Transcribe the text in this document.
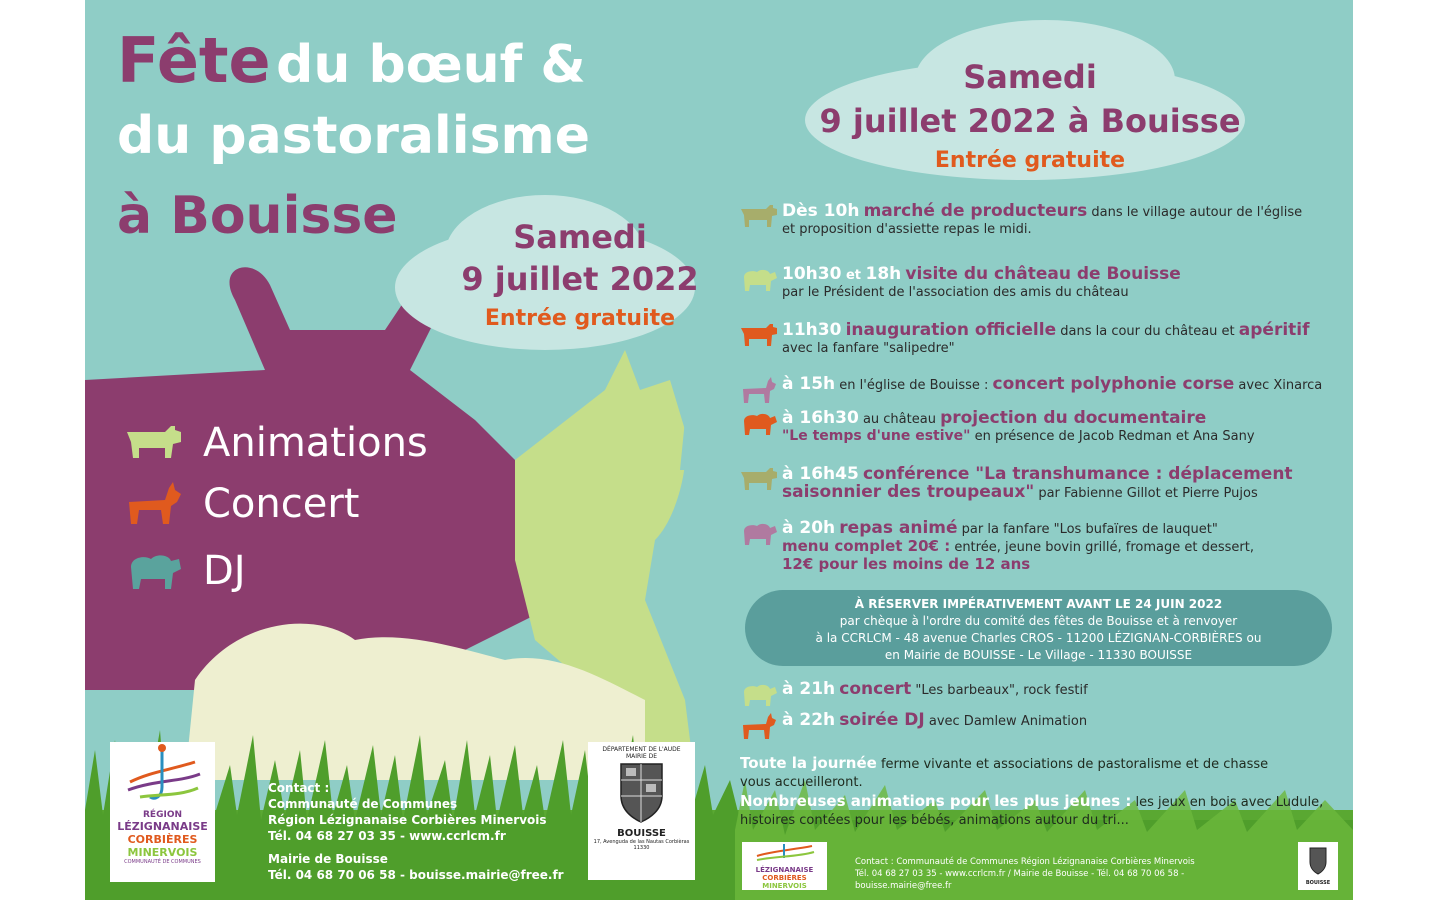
Fête du bœuf &
du pastoralisme
à Bouisse	Samedi
9 juillet 2022
Entrée gratuite
Samedi
9 juillet 2022 à Bouisse
Entrée gratuite
Animations
Concert
DJ
Dès 10h marché de producteurs dans le village autour de l'église
et proposition d'assiette repas le midi.
10h30 et 18h visite du château de Bouisse
par le Président de l'association des amis du château
11h30 inauguration officielle dans la cour du château et apéritif
avec la fanfare "salipedre"
à 15h en l'église de Bouisse : concert polyphonie corse avec Xinarca
à 16h30 au château projection du documentaire
"Le temps d'une estive" en présence de Jacob Redman et Ana Sany
à 16h45 conférence "La transhumance : déplacement
saisonnier des troupeaux" par Fabienne Gillot et Pierre Pujos
à 20h repas animé par la fanfare "Los bufaïres de lauquet"
menu complet 20€ : entrée, jeune bovin grillé, fromage et dessert,
12€ pour les moins de 12 ans
À RÉSERVER IMPÉRATIVEMENT AVANT LE 24 JUIN 2022
par chèque à l'ordre du comité des fêtes de Bouisse et à renvoyer
à la CCRLCM - 48 avenue Charles CROS - 11200 LÉZIGNAN-CORBIÈRES ou
en Mairie de BOUISSE - Le Village - 11330 BOUISSE
à 21h concert "Les barbeaux", rock festif
à 22h soirée DJ avec Damlew Animation
Toute la journée ferme vivante et associations de pastoralisme et de chasse
vous accueilleront.
Nombreuses animations pour les plus jeunes : les jeux en bois avec Ludule,
histoires contées pour les bébés, animations autour du tri...
RÉGION
LÉZIGNANAISE
CORBIÈRES
MINERVOIS
COMMUNAUTÉ DE COMMUNES
Contact :
Communauté de Communes
Région Lézignanaise Corbières Minervois
Tél. 04 68 27 03 35 - www.ccrlcm.fr
Mairie de Bouisse
Tél. 04 68 70 06 58 - bouisse.mairie@free.fr
DÉPARTEMENT DE L'AUDE
MAIRIE DE
BOUISSE
17, Avenguda de las Nautas Corbièras
11330
LÉZIGNANAISE
CORBIÈRES
MINERVOIS
Contact : Communauté de Communes Région Lézignanaise Corbières Minervois
Tél. 04 68 27 03 35 - www.ccrlcm.fr / Mairie de Bouisse - Tél. 04 68 70 06 58 - bouisse.mairie@free.fr	BOUISSE
